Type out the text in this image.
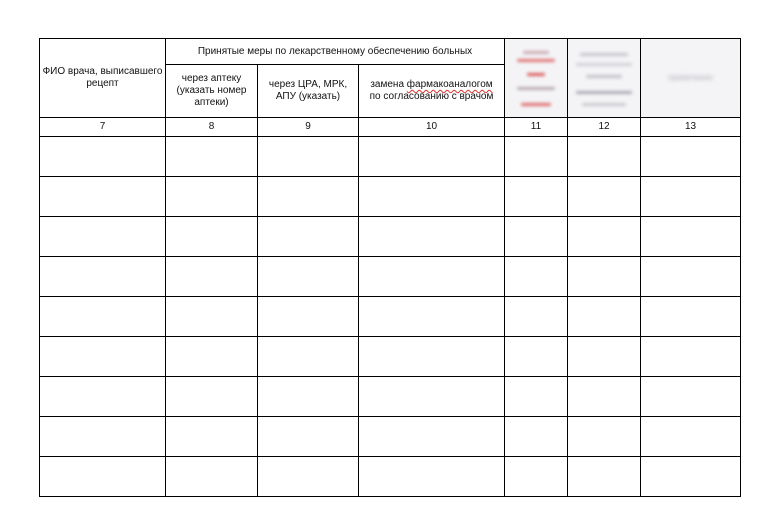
ФИО врача, выписавшего рецепт	Принятые меры по лекарственному обеспечению больных					примечание

	через аптеку (указать номер аптеки)	через ЦРА, МРК, АПУ (указать)	замена фармакоаналогом
по согласованию с врачом			
7	8	9	10	11	12	13
